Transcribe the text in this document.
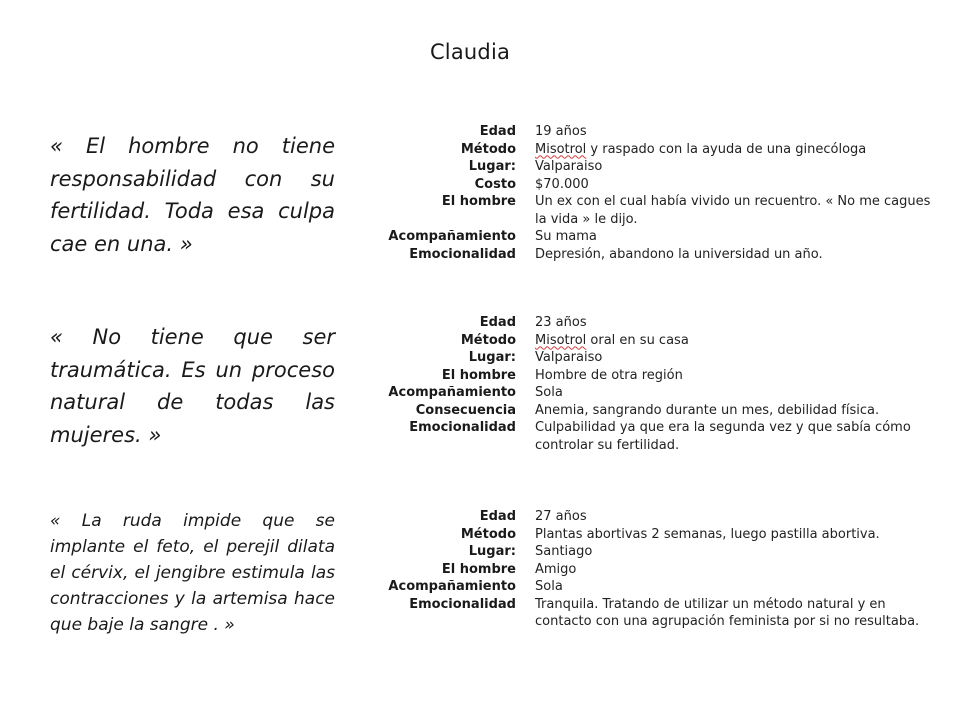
Claudia

« El hombre no tiene responsabilidad con su fertilidad. Toda esa culpa cae en una. »

« No tiene que ser traumática. Es un proceso natural de todas las mujeres. »

« La ruda impide que se implante el feto, el perejil dilata el cérvix, el jengibre estimula las contracciones y la artemisa hace que baje la sangre . »

Edad	19 años
Método	Misotrol y raspado con la ayuda de una ginecóloga
Lugar:	Valparaiso
Costo	$70.000
El hombre	Un ex con el cual había vivido un recuentro. « No me cagues la vida » le dijo.
Acompañamiento	Su mama
Emocionalidad	Depresión, abandono la universidad un año.
Edad	23 años
Método	Misotrol oral en su casa
Lugar:	Valparaiso
El hombre	Hombre de otra región
Acompañamiento	Sola
Consecuencia	Anemia, sangrando durante un mes, debilidad física.
Emocionalidad	Culpabilidad ya que era la segunda vez y que sabía cómo controlar su fertilidad.
Edad	27 años
Método	Plantas abortivas 2 semanas, luego pastilla abortiva.
Lugar:	Santiago
El hombre	Amigo
Acompañamiento	Sola
Emocionalidad	Tranquila. Tratando de utilizar un método natural y en contacto con una agrupación feminista por si no resultaba.
